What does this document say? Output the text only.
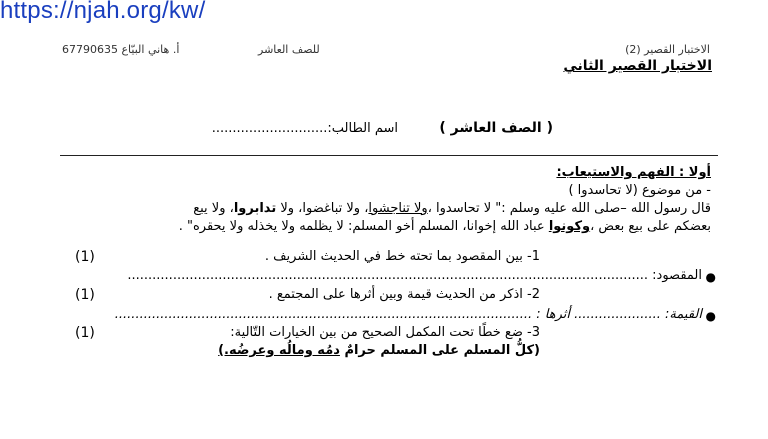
https://njah.org/kw/
أ. هاني البيّاع 67790635	للصف العاشر	الاختبار القصير (2)
الاختبار القصير الثاني
( الصف العاشر )
اسم الطالب:............................
أولا : الفهم والاستيعاب:
- من موضوع (لا تحاسدوا )
قال رسول الله –صلى الله عليه وسلم :" لا تحاسدوا ،ولا تناجشوا، ولا تباغضوا، ولا تدابروا، ولا يبع
بعضكم على بيع بعض ،وكونوا عباد الله إخوانا، المسلم أخو المسلم: لا يظلمه ولا يخذله ولا يحقره" .
1- بين المقصود بما تحته خط في الحديث الشريف .
(1)
●
المقصود: ..............................................................................................................................
2- اذكر من الحديث قيمة وبين أثرها على المجتمع .
(1)
●
القيمة: ..................... أثرها : .....................................................................................................
3- ضع خطًا تحت المكمل الصحيح من بين الخيارات التّالية:
(1)
(كلُّ المسلم على المسلم حرامٌ دمُه ومالُه وعرضُه.)
